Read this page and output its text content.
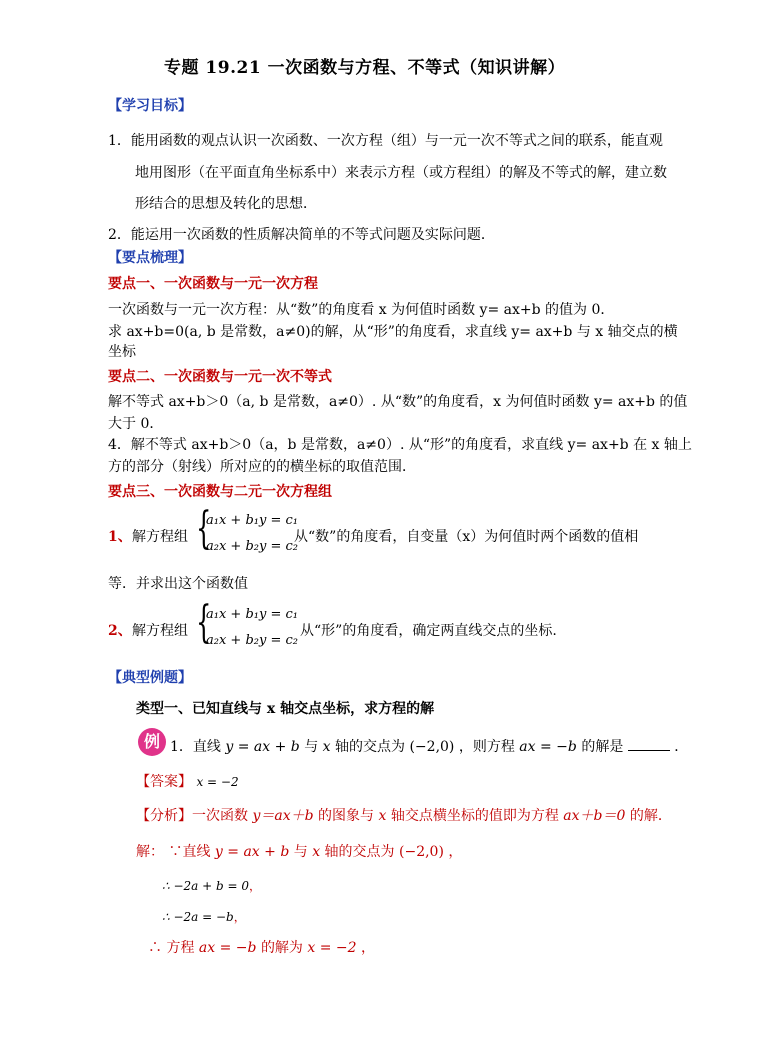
专题 19.21 一次函数与方程、不等式（知识讲解）
【学习目标】
1．能用函数的观点认识一次函数、一次方程（组）与一元一次不等式之间的联系，能直观
地用图形（在平面直角坐标系中）来表示方程（或方程组）的解及不等式的解，建立数
形结合的思想及转化的思想．
2．能运用一次函数的性质解决简单的不等式问题及实际问题．
【要点梳理】
要点一、一次函数与一元一次方程
一次函数与一元一次方程：从“数”的角度看 x 为何值时函数 y= ax+b 的值为 0．
求 ax+b=0(a, b 是常数，a≠0)的解，从“形”的角度看，求直线 y= ax+b 与 x 轴交点的横
坐标
要点二、一次函数与一元一次不等式
解不等式 ax+b＞0（a, b 是常数，a≠0）. 从“数”的角度看，x 为何值时函数 y= ax+b 的值
大于 0．
4．解不等式 ax+b＞0（a，b 是常数，a≠0）. 从“形”的角度看，求直线 y= ax+b 在 x 轴上
方的部分（射线）所对应的的横坐标的取值范围．
要点三、一次函数与二元一次方程组
1、 解方程组 {
a₁x + b₁y = c₁
a₂x + b₂y = c₂
从“数”的角度看，自变量（x）为何值时两个函数的值相
等．并求出这个函数值
2、 解方程组 {
a₁x + b₁y = c₁
a₂x + b₂y = c₂
从“形”的角度看，确定两直线交点的坐标.
【典型例题】
类型一、已知直线与 x 轴交点坐标，求方程的解
例 1．直线 y = ax + b 与 x 轴的交点为 (−2,0) ，则方程 ax = −b 的解是	．
【答案】 x = −2
【分析】一次函数 y＝ax＋b 的图象与 x 轴交点横坐标的值即为方程 ax＋b＝0 的解．
解： ∵直线 y = ax + b 与 x 轴的交点为 (−2,0) ，
∴ −2a + b = 0，
∴ −2a = −b，
∴ 方程 ax = −b 的解为 x = −2 ，
